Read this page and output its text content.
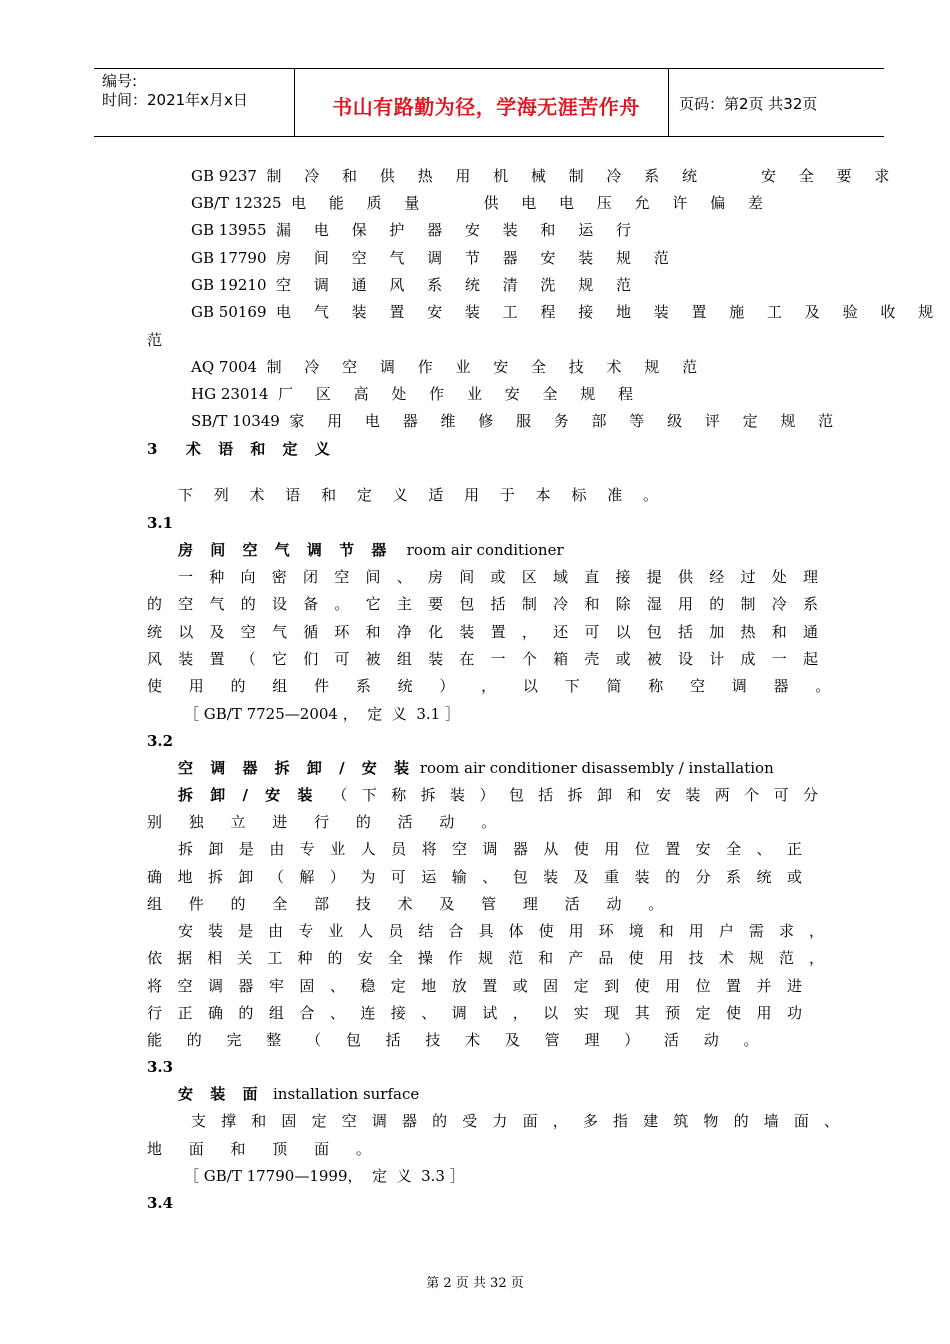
编号:
时间：2021年x月x日	书山有路勤为径，学海无涯苦作舟	页码：第2页 共32页
GB 9237 制 冷 和 供 热 用 机 械 制 冷 系 统    安 全 要 求
GB/T 12325 电 能 质 量    供 电 电 压 允 许 偏 差
GB 13955 漏 电 保 护 器 安 装 和 运 行
GB 17790 房 间 空 气 调 节 器 安 装 规 范
GB 19210 空 调 通 风 系 统 清 洗 规 范
GB 50169 电 气 装 置 安 装 工 程 接 地 装 置 施 工 及 验 收 规
范
AQ 7004 制 冷 空 调 作 业 安 全 技 术 规 范
HG 23014 厂 区 高 处 作 业 安 全 规 程
SB/T 10349 家 用 电 器 维 修 服 务 部 等 级 评 定 规 范
3  术 语 和 定 义
下 列 术 语 和 定 义 适 用 于 本 标 准 。
3.1
房 间 空 气 调 节 器 room air conditioner
一 种 向 密 闭 空 间 、 房 间 或 区 域 直 接 提 供 经 过 处 理
的 空 气 的 设 备 。 它 主 要 包 括 制 冷 和 除 湿 用 的 制 冷 系
统 以 及 空 气 循 环 和 净 化 装 置 ， 还 可 以 包 括 加 热 和 通
风 装 置 （ 它 们 可 被 组 装 在 一 个 箱 壳 或 被 设 计 成 一 起
使 用 的 组 件 系 统 ） ， 以 下 简 称 空 调 器 。
［ GB/T 7725—2004 ，  定  义  3.1 ］
3.2
空 调 器 拆 卸 / 安 装 room air conditioner disassembly / installation
拆 卸 / 安 装 （ 下 称 拆 装 ） 包 括 拆 卸 和 安 装 两 个 可 分
别 独 立 进 行 的 活 动 。
拆 卸 是 由 专 业 人 员 将 空 调 器 从 使 用 位 置 安 全 、 正
确 地 拆 卸 （ 解 ） 为 可 运 输 、 包 装 及 重 装 的 分 系 统 或
组 件 的 全 部 技 术 及 管 理 活 动 。
安 装 是 由 专 业 人 员 结 合 具 体 使 用 环 境 和 用 户 需 求 ，
依 据 相 关 工 种 的 安 全 操 作 规 范 和 产 品 使 用 技 术 规 范 ，
将 空 调 器 牢 固 、 稳 定 地 放 置 或 固 定 到 使 用 位 置 并 进
行 正 确 的 组 合 、 连 接 、 调 试 ， 以 实 现 其 预 定 使 用 功
能 的 完 整 （ 包 括 技 术 及 管 理 ） 活 动 。
3.3
安 装 面 installation surface
支 撑 和 固 定 空 调 器 的 受 力 面 ， 多 指 建 筑 物 的 墙 面 、
地 面 和 顶 面 。
［ GB/T 17790—1999，  定  义  3.3 ］
3.4
第 2 页 共 32 页
